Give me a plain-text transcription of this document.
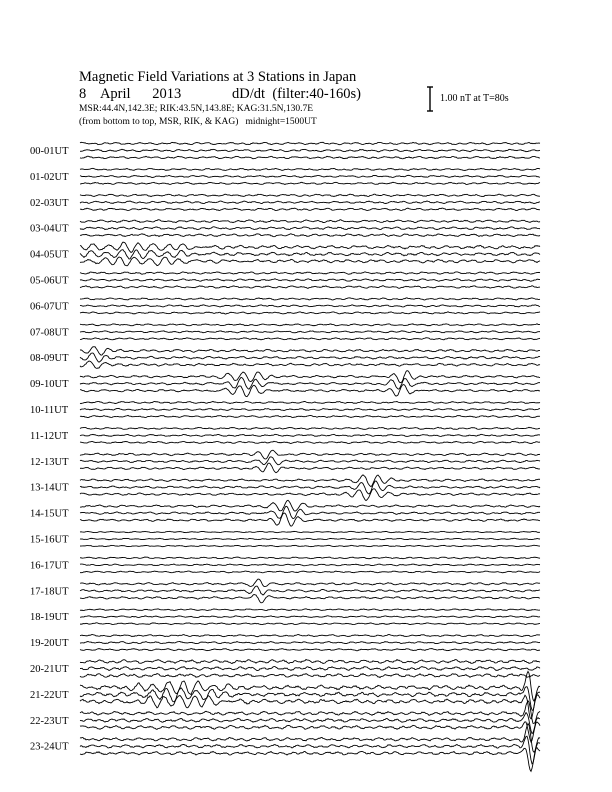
Magnetic Field Variations at 3 Stations in Japan
8    April      2013              dD/dt  (filter:40-160s)
MSR:44.4N,142.3E; RIK:43.5N,143.8E; KAG:31.5N,130.7E
(from bottom to top, MSR, RIK, & KAG)   midnight=1500UT
1.00 nT at T=80s
00-01UT
01-02UT
02-03UT
03-04UT
04-05UT
05-06UT
06-07UT
07-08UT
08-09UT
09-10UT
10-11UT
11-12UT
12-13UT
13-14UT
14-15UT
15-16UT
16-17UT
17-18UT
18-19UT
19-20UT
20-21UT
21-22UT
22-23UT
23-24UT
